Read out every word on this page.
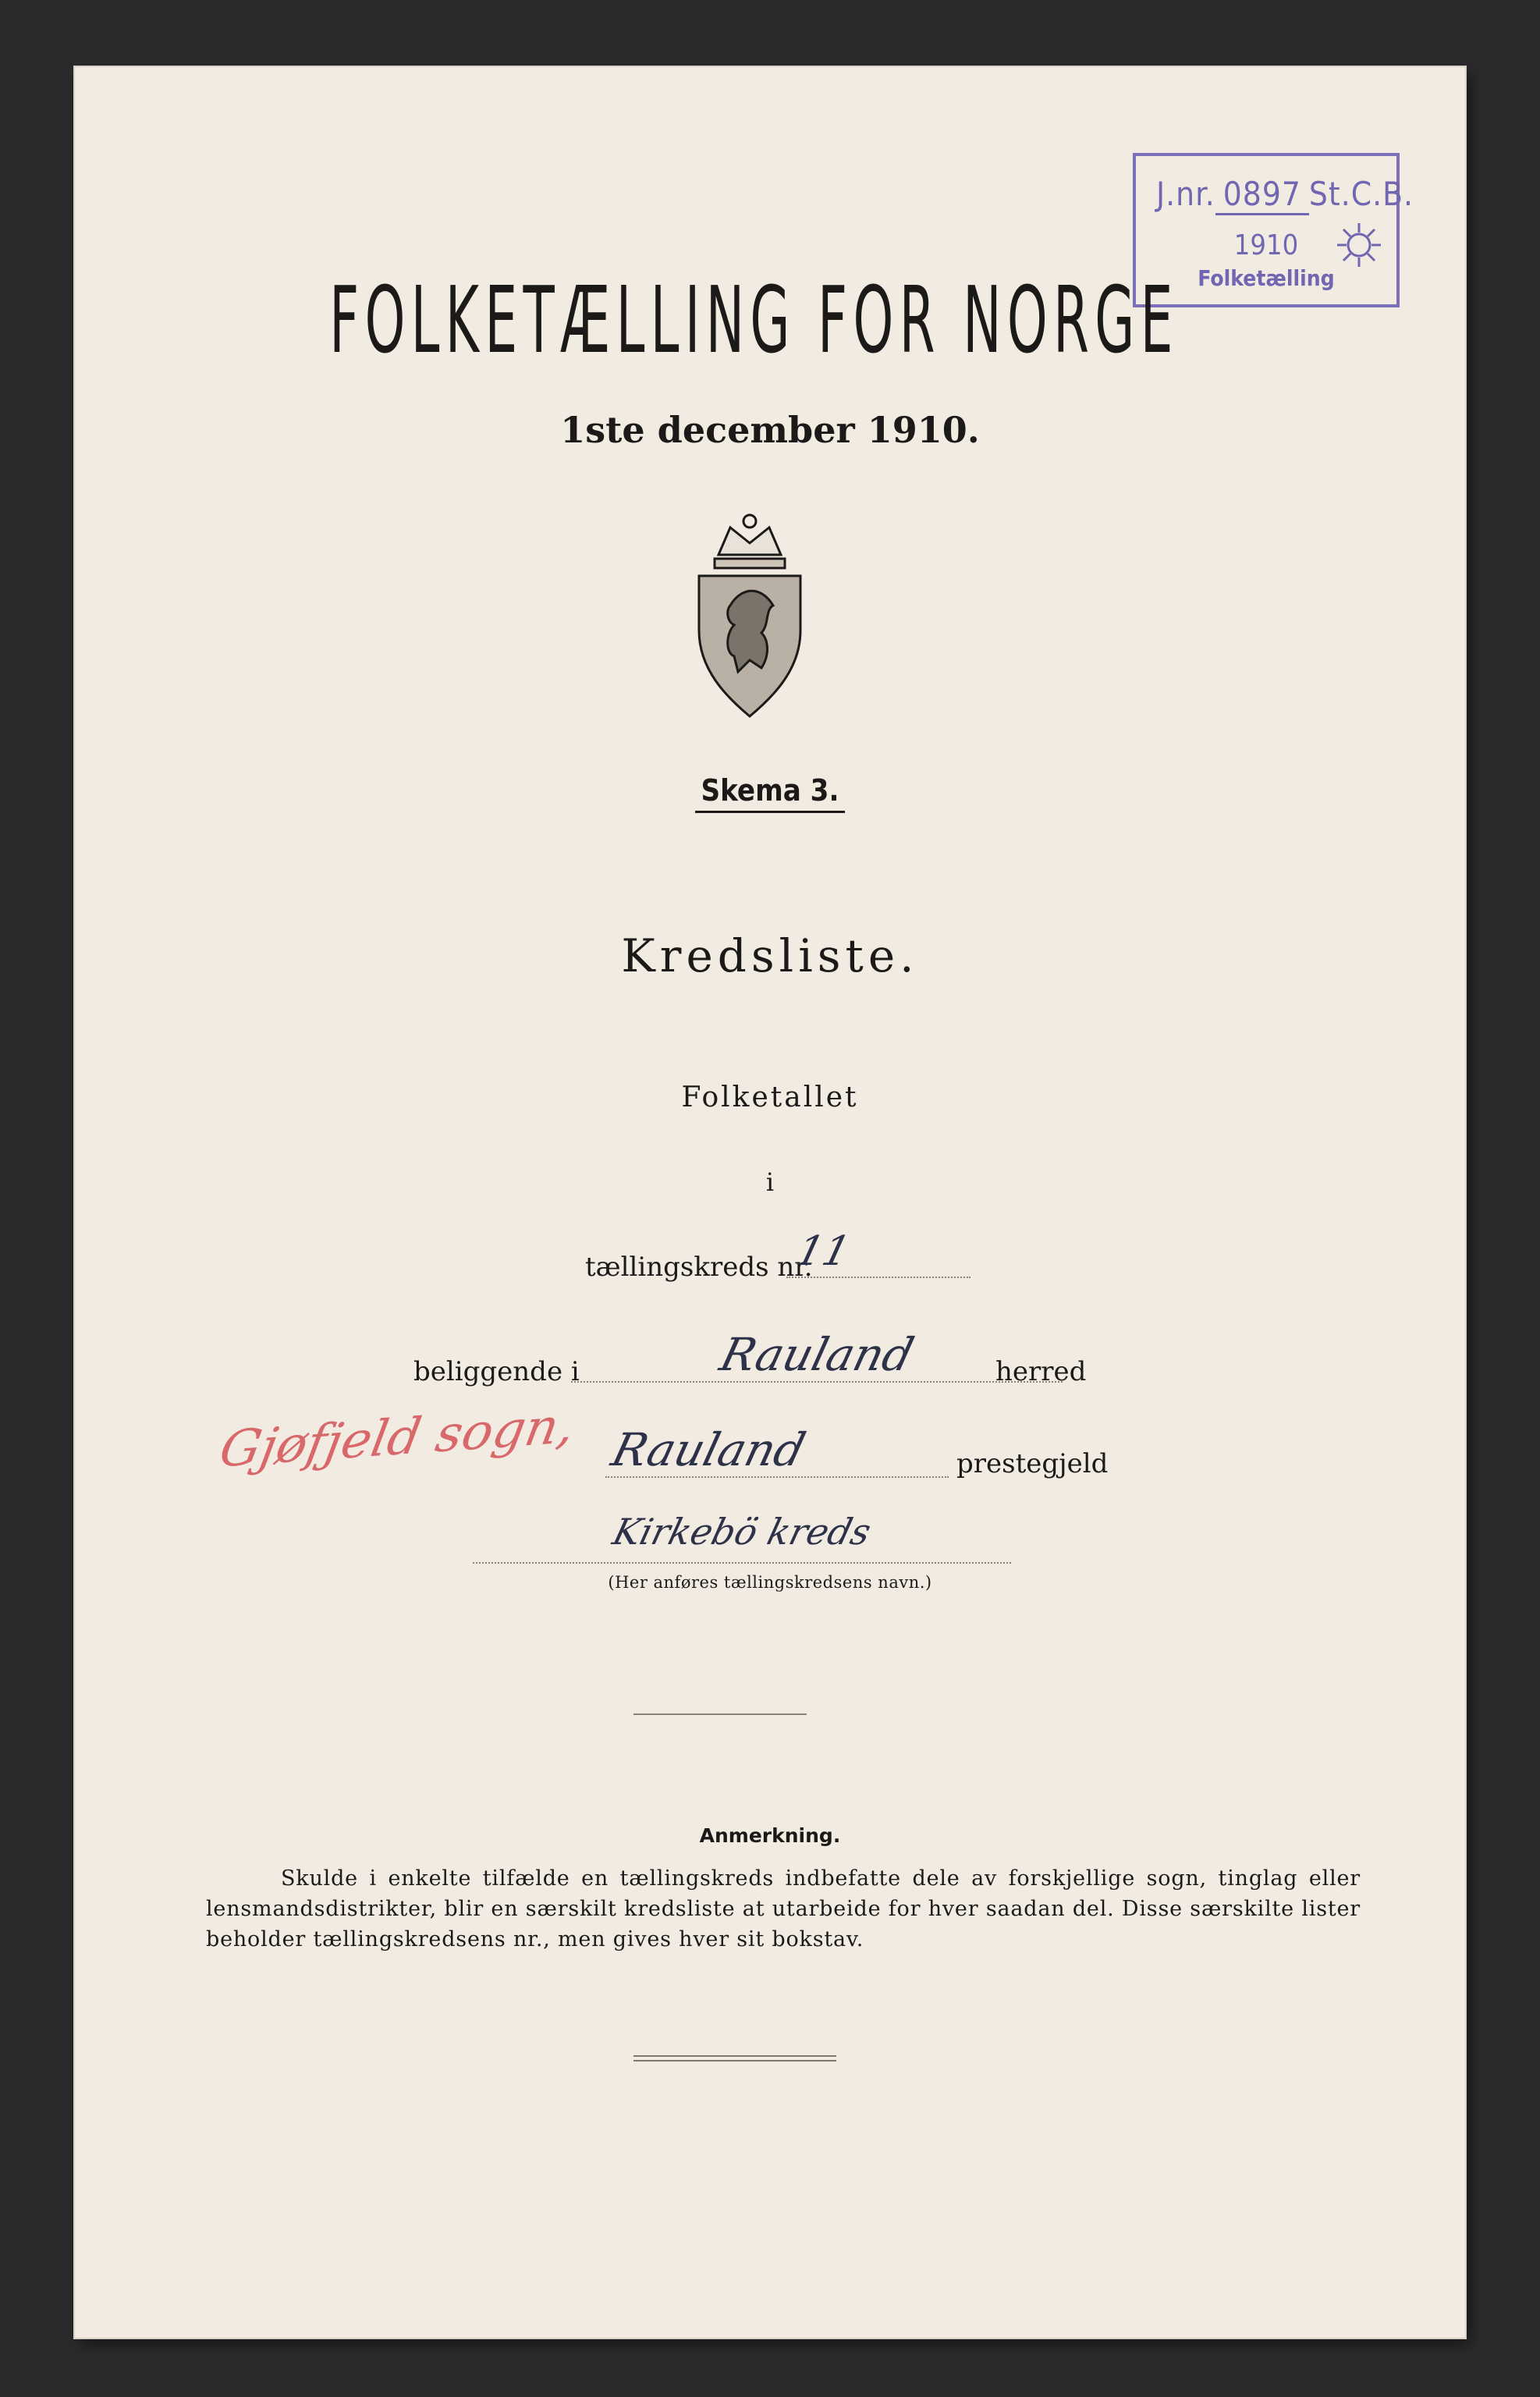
J.nr. 0897 St.C.B.
1910
Folketælling
FOLKETÆLLING FOR NORGE
1ste december 1910.
Skema 3.
Kredsliste.
Folketallet
i
tællingskreds nr.
11
beliggende i	Rauland	herred
Gjøfjeld sogn, Rauland	prestegjeld
Kirkebö kreds
(Her anføres tællingskredsens navn.)
Anmerkning.
Skulde i enkelte tilfælde en tællingskreds indbefatte dele av forskjellige sogn, tinglag eller lensmandsdistrikter, blir en særskilt kredsliste at utarbeide for hver saadan del. Disse særskilte lister beholder tællingskredsens nr., men gives hver sit bokstav.
